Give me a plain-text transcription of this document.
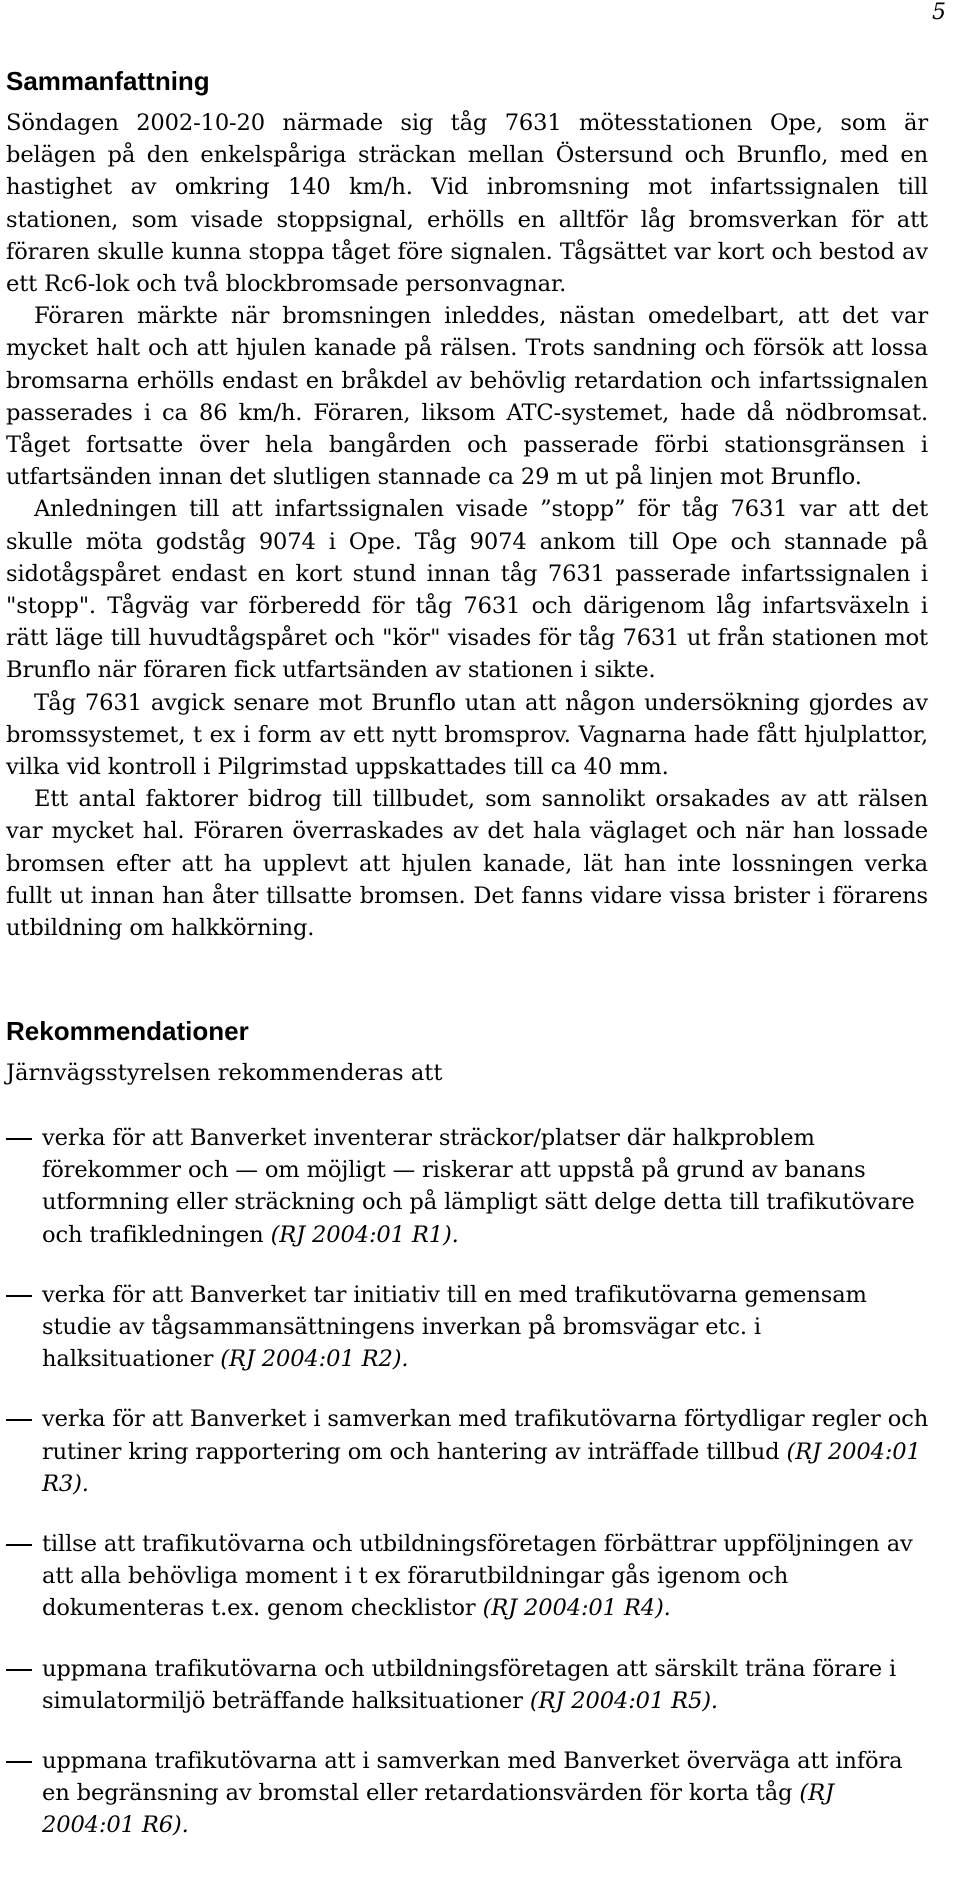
5
Sammanfattning

Söndagen 2002-10-20 närmade sig tåg 7631 mötesstationen Ope, som är belägen på den enkelspåriga sträckan mellan Östersund och Brunflo, med en hastighet av omkring 140 km/h. Vid inbromsning mot infartssignalen till stationen, som visade stoppsignal, erhölls en alltför låg bromsverkan för att föraren skulle kunna stoppa tåget före signalen. Tågsättet var kort och bestod av ett Rc6-lok och två blockbromsade personvagnar.

Föraren märkte när bromsningen inleddes, nästan omedelbart, att det var mycket halt och att hjulen kanade på rälsen. Trots sandning och försök att lossa bromsarna erhölls endast en bråkdel av behövlig retardation och infartssignalen passerades i ca 86 km/h. Föraren, liksom ATC-systemet, hade då nödbromsat. Tåget fortsatte över hela bangården och passerade förbi stationsgränsen i utfartsänden innan det slutligen stannade ca 29 m ut på linjen mot Brunflo.

Anledningen till att infartssignalen visade ”stopp” för tåg 7631 var att det skulle möta godståg 9074 i Ope. Tåg 9074 ankom till Ope och stannade på sidotågspåret endast en kort stund innan tåg 7631 passerade infartssignalen i "stopp". Tågväg var förberedd för tåg 7631 och därigenom låg infartsväxeln i rätt läge till huvudtågspåret och "kör" visades för tåg 7631 ut från stationen mot Brunflo när föraren fick utfartsänden av stationen i sikte.

Tåg 7631 avgick senare mot Brunflo utan att någon undersökning gjordes av bromssystemet, t ex i form av ett nytt bromsprov. Vagnarna hade fått hjulplattor, vilka vid kontroll i Pilgrimstad uppskattades till ca 40 mm.

Ett antal faktorer bidrog till tillbudet, som sannolikt orsakades av att rälsen var mycket hal. Föraren överraskades av det hala väglaget och när han lossade bromsen efter att ha upplevt att hjulen kanade, lät han inte lossningen verka fullt ut innan han åter tillsatte bromsen. Det fanns vidare vissa brister i förarens utbildning om halkkörning.

Rekommendationer
Järnvägsstyrelsen rekommenderas att
verka för att Banverket inventerar sträckor/platser där halkproblem förekommer och — om möjligt — riskerar att uppstå på grund av banans utformning eller sträckning och på lämpligt sätt delge detta till trafikutövare och trafikledningen (RJ 2004:01 R1).
verka för att Banverket tar initiativ till en med trafikutövarna gemensam studie av tågsammansättningens inverkan på bromsvägar etc. i halksituationer (RJ 2004:01 R2).
verka för att Banverket i samverkan med trafikutövarna förtydligar regler och rutiner kring rapportering om och hantering av inträffade tillbud (RJ 2004:01 R3).
tillse att trafikutövarna och utbildningsföretagen förbättrar uppföljningen av att alla behövliga moment i t ex förarutbildningar gås igenom och dokumenteras t.ex. genom checklistor (RJ 2004:01 R4).
uppmana trafikutövarna och utbildningsföretagen att särskilt träna förare i simulatormiljö beträffande halksituationer (RJ 2004:01 R5).
uppmana trafikutövarna att i samverkan med Banverket överväga att införa en begränsning av bromstal eller retardationsvärden för korta tåg (RJ 2004:01 R6).
